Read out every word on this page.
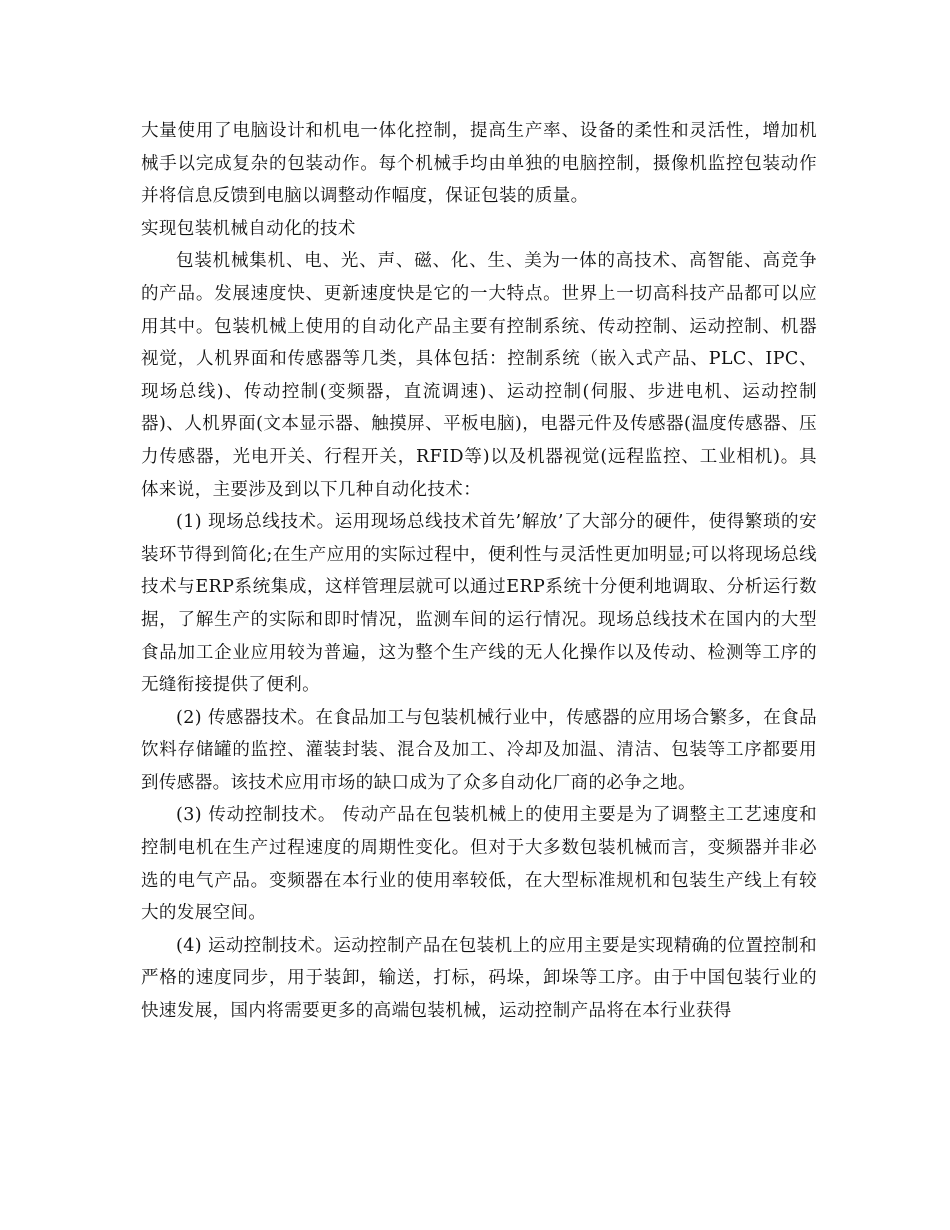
大量使用了电脑设计和机电一体化控制，提高生产率、设备的柔性和灵活性，增加机械手以完成复杂的包装动作。每个机械手均由单独的电脑控制，摄像机监控包装动作并将信息反馈到电脑以调整动作幅度，保证包装的质量。

实现包装机械自动化的技术

包装机械集机、电、光、声、磁、化、生、美为一体的高技术、高智能、高竞争的产品。发展速度快、更新速度快是它的一大特点。世界上一切高科技产品都可以应用其中。包装机械上使用的自动化产品主要有控制系统、传动控制、运动控制、机器视觉，人机界面和传感器等几类，具体包括：控制系统（嵌入式产品、PLC、IPC、现场总线)、传动控制(变频器，直流调速)、运动控制(伺服、步进电机、运动控制器)、人机界面(文本显示器、触摸屏、平板电脑)，电器元件及传感器(温度传感器、压力传感器，光电开关、行程开关，RFID等)以及机器视觉(远程监控、工业相机)。具体来说，主要涉及到以下几种自动化技术：

(1) 现场总线技术。运用现场总线技术首先’解放’了大部分的硬件，使得繁琐的安装环节得到简化;在生产应用的实际过程中，便利性与灵活性更加明显;可以将现场总线技术与ERP系统集成，这样管理层就可以通过ERP系统十分便利地调取、分析运行数据，了解生产的实际和即时情况，监测车间的运行情况。现场总线技术在国内的大型食品加工企业应用较为普遍，这为整个生产线的无人化操作以及传动、检测等工序的无缝衔接提供了便利。

(2) 传感器技术。在食品加工与包装机械行业中，传感器的应用场合繁多，在食品饮料存储罐的监控、灌装封装、混合及加工、冷却及加温、清洁、包装等工序都要用到传感器。该技术应用市场的缺口成为了众多自动化厂商的必争之地。

(3) 传动控制技术。 传动产品在包装机械上的使用主要是为了调整主工艺速度和控制电机在生产过程速度的周期性变化。但对于大多数包装机械而言，变频器并非必选的电气产品。变频器在本行业的使用率较低，在大型标准规机和包装生产线上有较大的发展空间。

(4) 运动控制技术。运动控制产品在包装机上的应用主要是实现精确的位置控制和严格的速度同步，用于装卸，输送，打标，码垛，卸垛等工序。由于中国包装行业的快速发展，国内将需要更多的高端包装机械，运动控制产品将在本行业获得
